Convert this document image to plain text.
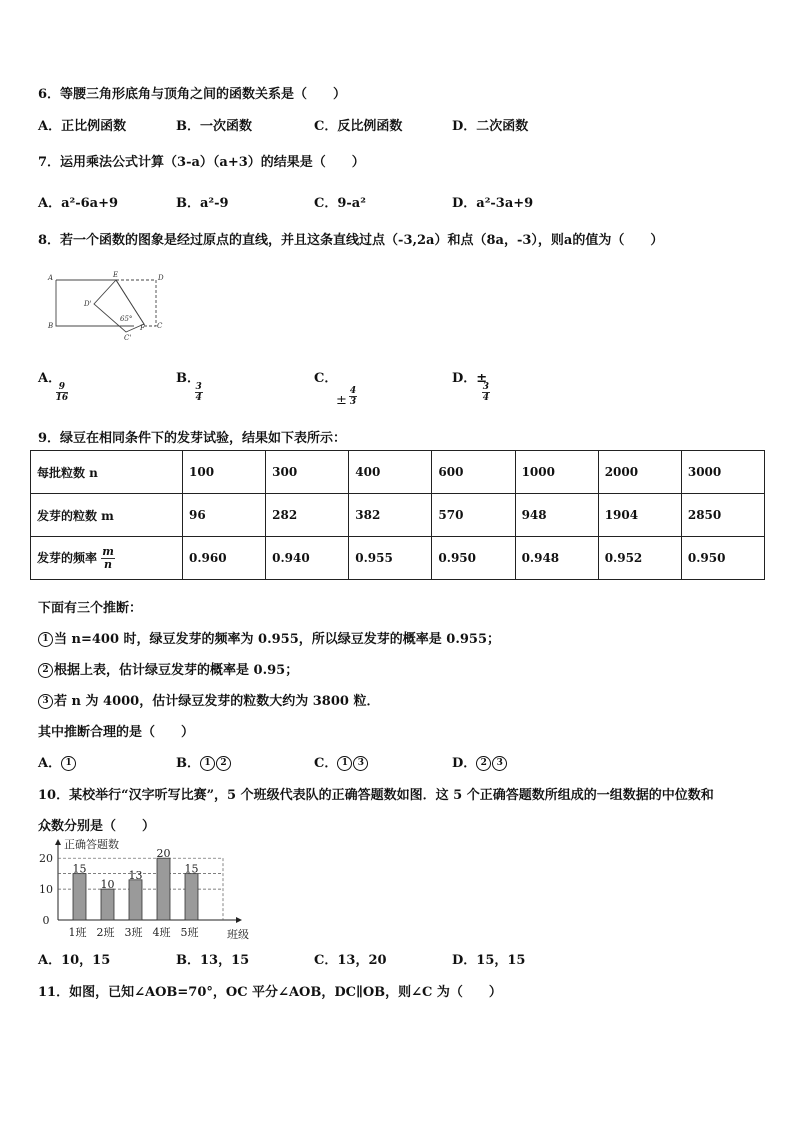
6．等腰三角形底角与顶角之间的函数关系是（　　）
A．正比例函数	B．一次函数	C．反比例函数	D．二次函数
7．运用乘法公式计算（3-a）（a+3）的结果是（　　）
A．a²-6a+9	B．a²-9	C．9-a²	D．a²-3a+9
8．若一个函数的图象是经过原点的直线，并且这条直线过点（-3,2a）和点（8a，-3），则a的值为（　　）
A	E	D
B
D'
F C
C'
65°
A．
$\frac{9}{16}$
B．
$\frac{3}{4}$
C．
± $\frac{4}{3}$
D．±
$\frac{3}{4}$
9．绿豆在相同条件下的发芽试验，结果如下表所示：
每批粒数 n	100	300	400	600	1000	2000	3000
发芽的粒数 m	96	282	382	570	948	1904	2850
发芽的频率 $\frac{m}{n}$	0.960	0.940	0.955	0.950	0.948	0.952	0.950
下面有三个推断：
1 当 n=400 时，绿豆发芽的频率为 0.955，所以绿豆发芽的概率是 0.955；
2 根据上表，估计绿豆发芽的概率是 0.95；
3 若 n 为 4000，估计绿豆发芽的粒数大约为 3800 粒．
其中推断合理的是（　　）
A． 1	B． 1 2	C． 1 3	D． 2 3
10．某校举行“汉字听写比赛”，5 个班级代表队的正确答题数如图．这 5 个正确答题数所组成的一组数据的中位数和
众数分别是（　　）
正确答题数
0
10
20
15
1班
10
2班
13
3班
20
4班
15
5班	班级
A．10，15	B．13，15	C．13，20	D．15，15
11．如图，已知∠AOB=70°，OC 平分∠AOB，DC∥OB，则∠C 为（　　）
